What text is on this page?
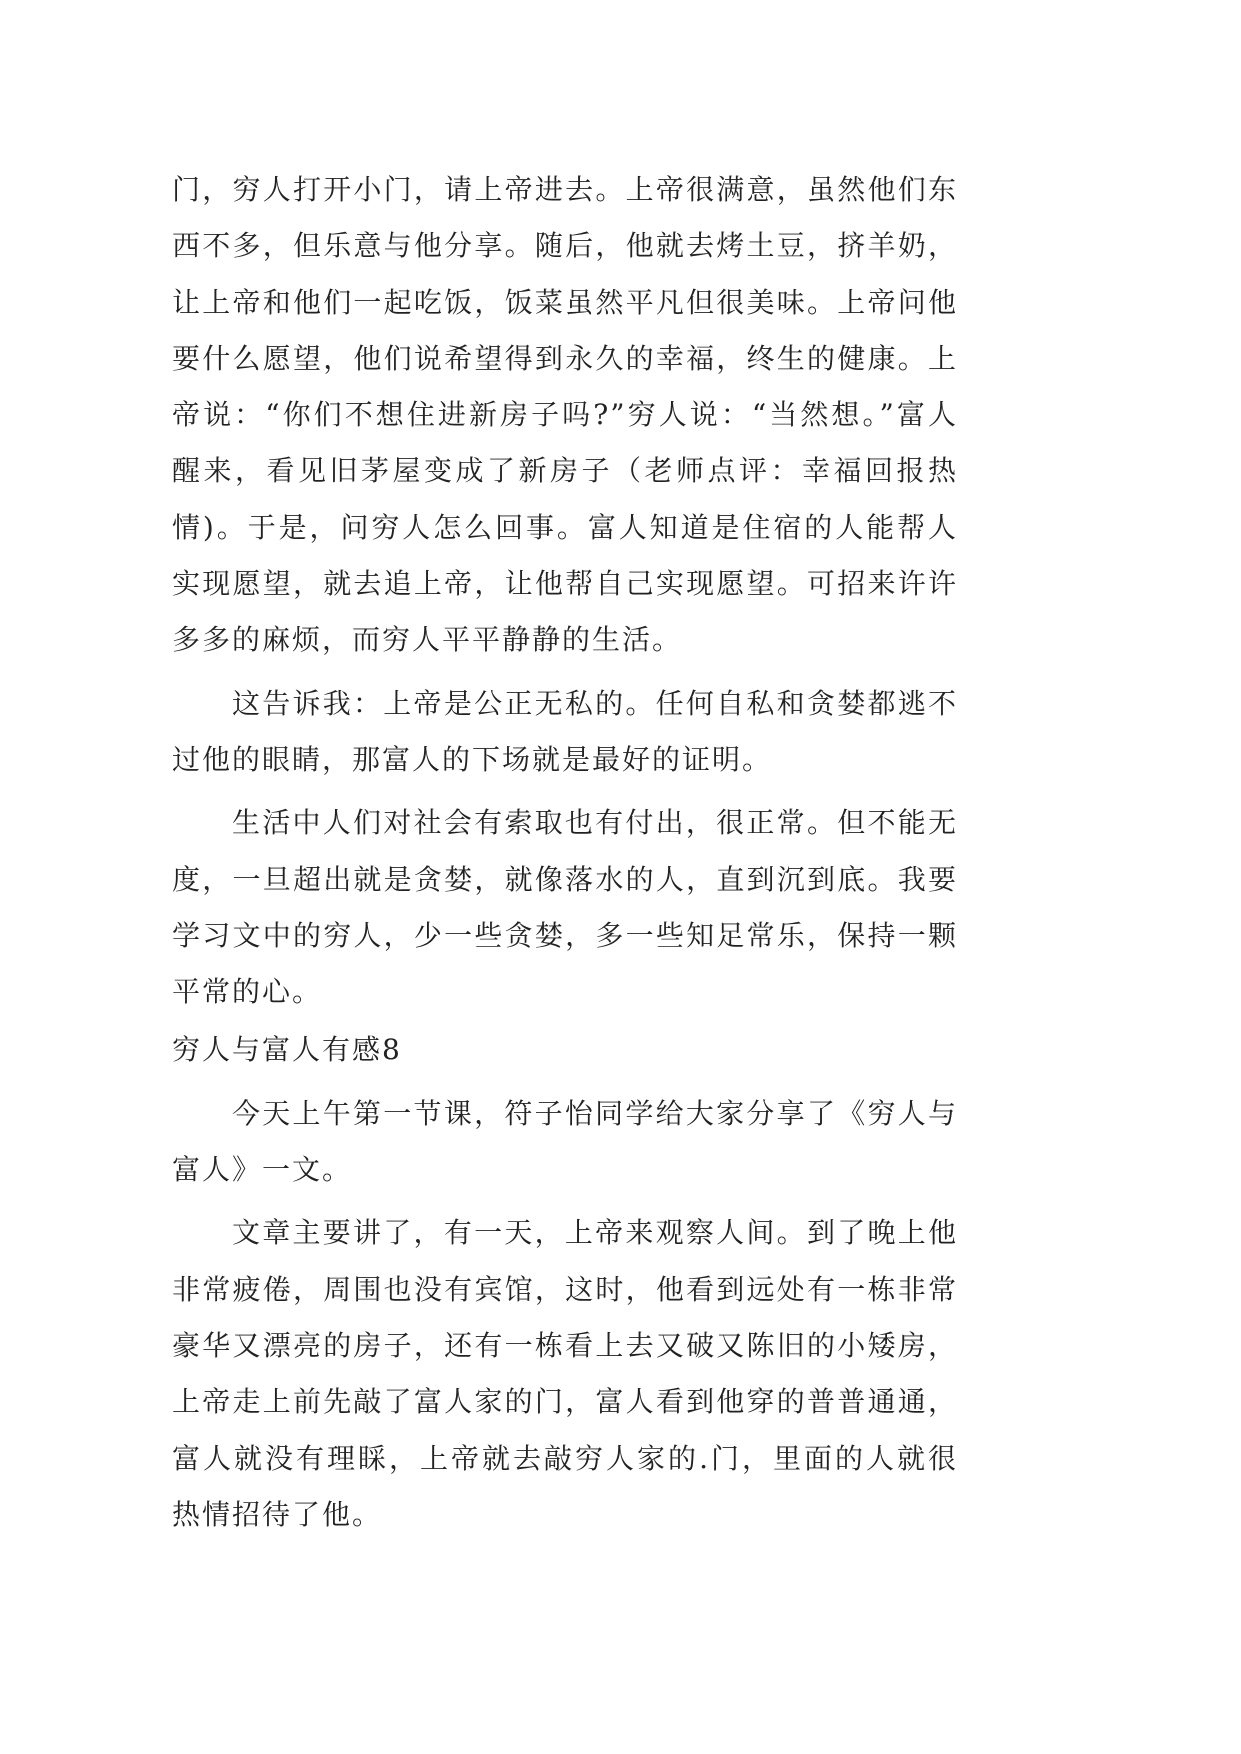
门，穷人打开小门，请上帝进去。上帝很满意，虽然他们东
西不多，但乐意与他分享。随后，他就去烤土豆，挤羊奶，
让上帝和他们一起吃饭，饭菜虽然平凡但很美味。上帝问他
要什么愿望，他们说希望得到永久的幸福，终生的健康。上
帝说：“你们不想住进新房子吗?”穷人说：“当然想。”富人
醒来，看见旧茅屋变成了新房子（老师点评：幸福回报热
情)。于是，问穷人怎么回事。富人知道是住宿的人能帮人
实现愿望，就去追上帝，让他帮自己实现愿望。可招来许许
多多的麻烦，而穷人平平静静的生活。
这告诉我：上帝是公正无私的。任何自私和贪婪都逃不
过他的眼睛，那富人的下场就是最好的证明。
生活中人们对社会有索取也有付出，很正常。但不能无
度，一旦超出就是贪婪，就像落水的人，直到沉到底。我要
学习文中的穷人，少一些贪婪，多一些知足常乐，保持一颗
平常的心。
穷人与富人有感8
今天上午第一节课，符子怡同学给大家分享了《穷人与
富人》一文。
文章主要讲了，有一天，上帝来观察人间。到了晚上他
非常疲倦，周围也没有宾馆，这时，他看到远处有一栋非常
豪华又漂亮的房子，还有一栋看上去又破又陈旧的小矮房，
上帝走上前先敲了富人家的门，富人看到他穿的普普通通，
富人就没有理睬，上帝就去敲穷人家的.门，里面的人就很
热情招待了他。
